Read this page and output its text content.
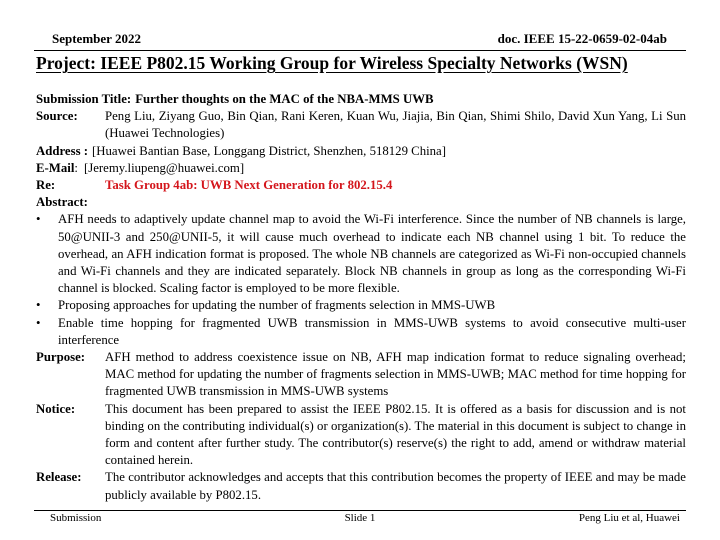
September 2022	doc. IEEE 15-22-0659-02-04ab
Project: IEEE P802.15 Working Group for Wireless Specialty Networks (WSN)
Submission Title: Further thoughts on the MAC of the NBA-MMS UWB
Source:	Peng Liu, Ziyang Guo, Bin Qian, Rani Keren, Kuan Wu, Jiajia, Bin Qian, Shimi Shilo, David Xun Yang, Li Sun (Huawei Technologies)
Address : [Huawei Bantian Base, Longgang District, Shenzhen, 518129 China]
E-Mail : [Jeremy.liupeng@huawei.com]
Re:	Task Group 4ab: UWB Next Generation for 802.15.4
Abstract:
•	AFH needs to adaptively update channel map to avoid the Wi-Fi interference. Since the number of NB channels is large, 50@UNII-3 and 250@UNII-5, it will cause much overhead to indicate each NB channel using 1 bit. To reduce the overhead, an AFH indication format is proposed. The whole NB channels are categorized as Wi-Fi non-occupied channels and Wi-Fi channels and they are indicated separately. Block NB channels in group as long as the corresponding Wi-Fi channel is blocked. Scaling factor is employed to be more flexible.
•	Proposing approaches for updating the number of fragments selection in MMS-UWB
•	Enable time hopping for fragmented UWB transmission in MMS-UWB systems to avoid consecutive multi-user interference
Purpose:	AFH method to address coexistence issue on NB, AFH map indication format to reduce signaling overhead; MAC method for updating the number of fragments selection in MMS-UWB; MAC method for time hopping for fragmented UWB transmission in MMS-UWB systems
Notice:	This document has been prepared to assist the IEEE P802.15. It is offered as a basis for discussion and is not binding on the contributing individual(s) or organization(s). The material in this document is subject to change in form and content after further study. The contributor(s) reserve(s) the right to add, amend or withdraw material contained herein.
Release:	The contributor acknowledges and accepts that this contribution becomes the property of IEEE and may be made publicly available by P802.15.
Submission	Slide 1	Peng Liu et al, Huawei
